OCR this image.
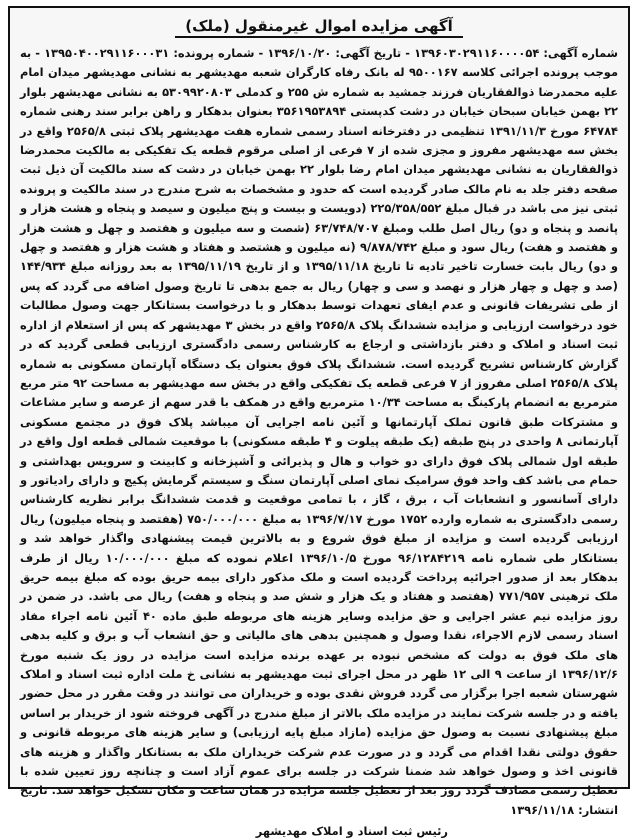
آگهی مزایده اموال غیرمنقول (ملک)

شماره آگهی: ۱۳۹۶۰۳۰۲۹۱۱۶۰۰۰۰۵۴ - تاریخ آگهی: ۱۳۹۶/۱۰/۲۰ - شماره پرونده: ۱۳۹۵۰۴۰۰۲۹۱۱۶۰۰۰۳۱ - به موجب پرونده اجرائی کلاسه ۹۵۰۰۱۶۷ له بانک رفاه کارگران شعبه مهدیشهر به نشانی مهدیشهر میدان امام علیه محمدرضا ذوالفقاریان فرزند جمشید به شماره ش ۲۵۵ و کدملی ۵۳۰۹۹۲۰۸۰۳ به نشانی مهدیشهر بلوار ۲۲ بهمن خیابان سبحان خیابان در دشت کدپستی ۳۵۶۱۹۵۳۸۹۴ بعنوان بدهکار و راهن برابر سند رهنی شماره ۶۴۷۸۴ مورخ ۱۳۹۱/۱۱/۳ تنظیمی در دفترخانه اسناد رسمی شماره هفت مهدیشهر پلاک ثبتی ۲۵۶۵/۸ واقع در بخش سه مهدیشهر مفروز و مجزی شده از ۷ فرعی از اصلی مرقوم قطعه یک تفکیکی به مالکیت محمدرضا ذوالفقاریان به نشانی مهدیشهر میدان امام رضا بلوار ۲۲ بهمن خیابان در دشت که سند مالکیت آن ذیل ثبت صفحه دفتر جلد به نام مالک صادر گردیده است که حدود و مشخصات به شرح مندرج در سند مالکیت و پرونده ثبتی نیز می باشد در قبال مبلغ ۲۲۵/۳۵۸/۵۵۲ (دویست و بیست و پنج میلیون و سیصد و پنجاه و هشت هزار و پانصد و پنجاه و دو) ریال اصل طلب ومبلغ ۶۳/۷۴۸/۷۰۷ (شصت و سه میلیون و هفتصد و چهل و هشت هزار و هفتصد و هفت) ریال سود و مبلغ ۹/۸۷۸/۷۴۲ (نه میلیون و هشتصد و هفتاد و هشت هزار و هفتصد و چهل و دو) ریال بابت خسارت تاخیر تادیه تا تاریخ ۱۳۹۵/۱۱/۱۸ و از تاریخ ۱۳۹۵/۱۱/۱۹ به بعد روزانه مبلغ ۱۴۴/۹۳۴ (صد و چهل و چهار هزار و نهصد و سی و چهار) ریال به جمع بدهی تا تاریخ وصول اضافه می گردد که پس از طی تشریفات قانونی و عدم ایفای تعهدات توسط بدهکار و با درخواست بستانکار جهت وصول مطالبات خود درخواست ارزیابی و مزایده ششدانگ پلاک ۲۵۶۵/۸ واقع در بخش ۳ مهدیشهر که پس از استعلام از اداره ثبت اسناد و املاک و دفتر بازداشتی و ارجاع به کارشناس رسمی دادگستری ارزیابی قطعی گردید که در گزارش کارشناس تشریح گردیده است. ششدانگ پلاک فوق بعنوان یک دستگاه آپارتمان مسکونی به شماره پلاک ۲۵۶۵/۸ اصلی مفروز از ۷ فرعی قطعه یک تفکیکی واقع در بخش سه مهدیشهر به مساحت ۹۲ متر مربع مترمربع به انضمام پارکینگ به مساحت ۱۰/۳۴ مترمربع واقع در همکف با قدر سهم از عرصه و سایر مشاعات و مشترکات طبق قانون تملک آپارتمانها و آئین نامه اجرایی آن میباشد پلاک فوق در مجتمع مسکونی آپارتمانی ۸ واحدی در پنج طبقه (یک طبقه پیلوت و ۴ طبقه مسکونی) با موقعیت شمالی قطعه اول واقع در طبقه اول شمالی پلاک فوق دارای دو خواب و هال و پذیرائی و آشپزخانه و کابینت و سرویس بهداشتی و حمام می باشد کف واحد فوق سرامیک نمای اصلی آپارتمان سنگ و سیستم گرمایش پکیج و دارای رادیاتور و دارای آسانسور و انشعابات آب ، برق ، گاز ، با تمامی موقعیت و قدمت ششدانگ برابر نظریه کارشناس رسمی دادگستری به شماره وارده ۱۷۵۲ مورخ ۱۳۹۶/۷/۱۷ به مبلغ ۷۵۰/۰۰۰/۰۰۰ (هفتصد و پنجاه میلیون) ریال ارزیابی گردیده است و مزایده از مبلغ فوق شروع و به بالاترین قیمت پیشنهادی واگذار خواهد شد و بستانکار طی شماره نامه ۹۶/۱۲۸۴۲۱۹ مورخ ۱۳۹۶/۱۰/۵ اعلام نموده که مبلغ ۱۰/۰۰۰/۰۰۰ ریال از طرف بدهکار بعد از صدور اجرائیه پرداخت گردیده است و ملک مذکور دارای بیمه حریق بوده که مبلغ بیمه حریق ملک ترهینی ۷۷۱/۹۵۷ (هفتصد و هفتاد و یک هزار و شش صد و پنجاه و هفت) ریال می باشد. در ضمن در روز مزایده نیم عشر اجرایی و حق مزایده وسایر هزینه های مربوطه طبق ماده ۴۰ آئین نامه اجراء مفاد اسناد رسمی لازم الاجراء، نقدا وصول و همچنین بدهی های مالیاتی و حق انشعاب آب و برق و کلیه بدهی های ملک فوق به دولت که مشخص نبوده بر عهده برنده مزایده است مزایده در روز یک شنبه مورخ ۱۳۹۶/۱۲/۶ از ساعت ۹ الی ۱۲ ظهر در محل اجرای ثبت مهدیشهر به نشانی خ ملت اداره ثبت اسناد و املاک شهرستان شعبه اجرا برگزار می گردد فروش نقدی بوده و خریداران می توانند در وقت مقرر در محل حضور یافته و در جلسه شرکت نمایند در مزایده ملک بالاتر از مبلغ مندرج در آگهی فروخته شود از خریدار بر اساس مبلغ پیشنهادی نسبت به وصول حق مزایده (مازاد مبلغ پایه ارزیابی) و سایر هزینه های مربوطه قانونی و حقوق دولتی نقدا اقدام می گردد و در صورت عدم شرکت خریداران ملک به بستانکار واگذار و هزینه های قانونی اخذ و وصول خواهد شد ضمنا شرکت در جلسه برای عموم آزاد است و چنانچه روز تعیین شده با تعطیل رسمی مصادف گردد روز بعد از تعطیل جلسه مزایده در همان ساعت و مکان تشکیل خواهد شد. تاریخ انتشار: ۱۳۹۶/۱۱/۱۸

رئیس ثبت اسناد و املاک مهدیشهر
